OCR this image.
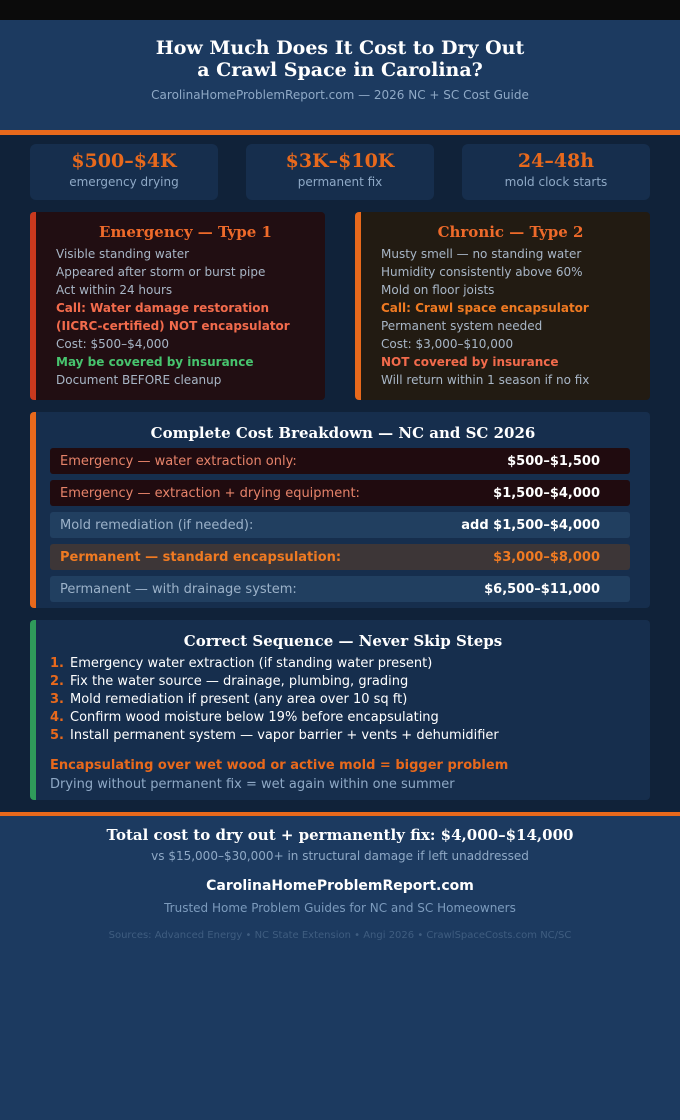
How Much Does It Cost to Dry Out
a Crawl Space in Carolina?
CarolinaHomeProblemReport.com — 2026 NC + SC Cost Guide
$500–$4K
emergency drying
$3K–$10K
permanent fix
24–48h
mold clock starts
Emergency — Type 1
Visible standing water
Appeared after storm or burst pipe
Act within 24 hours
Call: Water damage restoration
(IICRC-certified) NOT encapsulator
Cost: $500–$4,000
May be covered by insurance
Document BEFORE cleanup
Chronic — Type 2
Musty smell — no standing water
Humidity consistently above 60%
Mold on floor joists
Call: Crawl space encapsulator
Permanent system needed
Cost: $3,000–$10,000
NOT covered by insurance
Will return within 1 season if no fix
Complete Cost Breakdown — NC and SC 2026
Emergency — water extraction only:	$500–$1,500
Emergency — extraction + drying equipment:	$1,500–$4,000
Mold remediation (if needed):	add $1,500–$4,000
Permanent — standard encapsulation:	$3,000–$8,000
Permanent — with drainage system:	$6,500–$11,000
Correct Sequence — Never Skip Steps
1. Emergency water extraction (if standing water present)
2. Fix the water source — drainage, plumbing, grading
3. Mold remediation if present (any area over 10 sq ft)
4. Confirm wood moisture below 19% before encapsulating
5. Install permanent system — vapor barrier + vents + dehumidifier
Encapsulating over wet wood or active mold = bigger problem
Drying without permanent fix = wet again within one summer
Total cost to dry out + permanently fix: $4,000–$14,000
vs $15,000–$30,000+ in structural damage if left unaddressed
CarolinaHomeProblemReport.com
Trusted Home Problem Guides for NC and SC Homeowners
Sources: Advanced Energy • NC State Extension • Angi 2026 • CrawlSpaceCosts.com NC/SC
